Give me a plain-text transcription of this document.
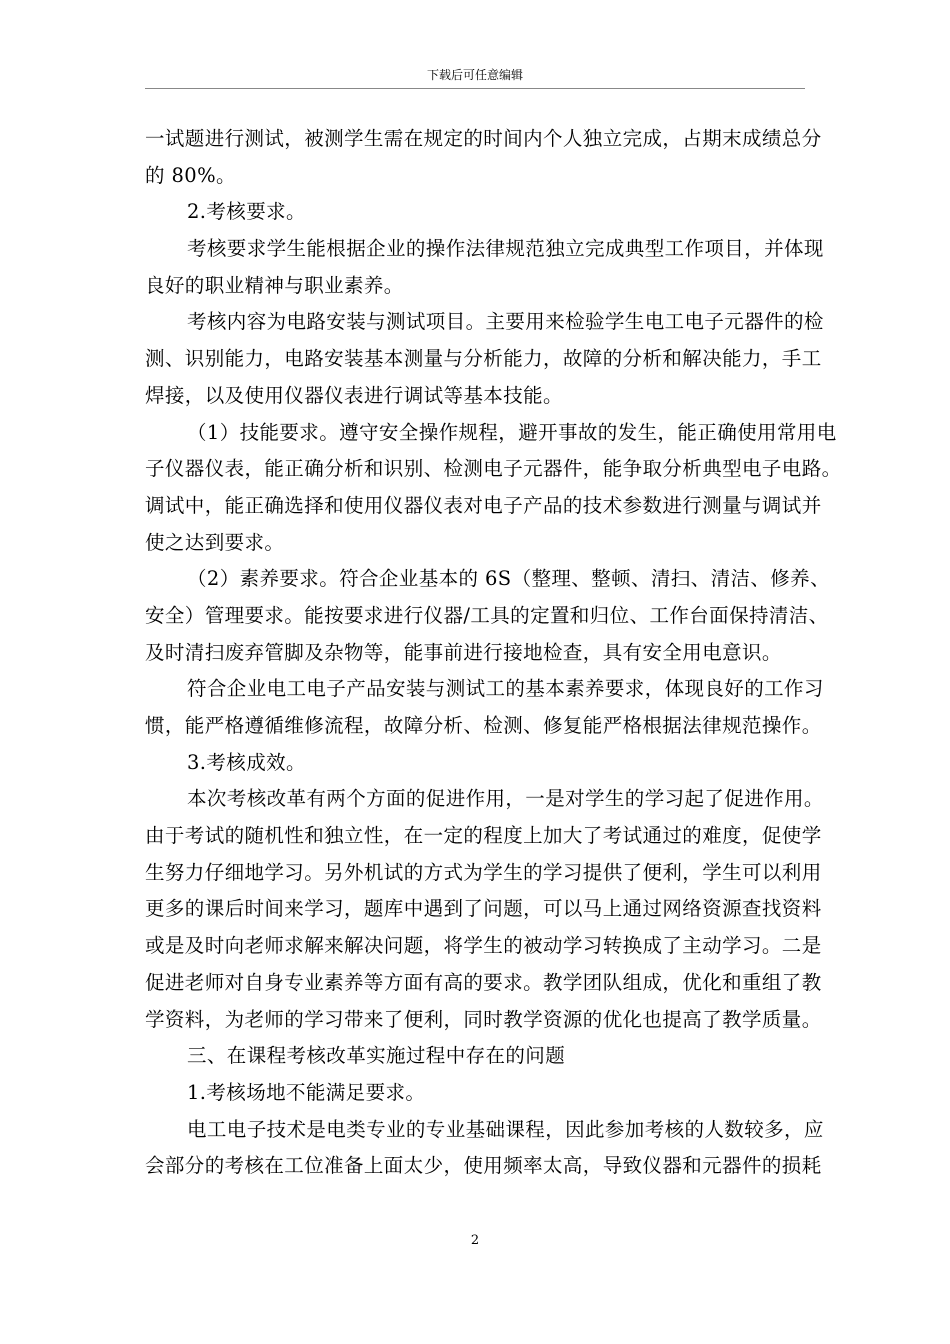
下载后可任意编辑
一试题进行测试，被测学生需在规定的时间内个人独立完成，占期末成绩总分
的 80%。
2.考核要求。
考核要求学生能根据企业的操作法律规范独立完成典型工作项目，并体现
良好的职业精神与职业素养。
考核内容为电路安装与测试项目。主要用来检验学生电工电子元器件的检
测、识别能力，电路安装基本测量与分析能力，故障的分析和解决能力，手工
焊接，以及使用仪器仪表进行调试等基本技能。
（1）技能要求。遵守安全操作规程，避开事故的发生，能正确使用常用电
子仪器仪表，能正确分析和识别、检测电子元器件，能争取分析典型电子电路。
调试中，能正确选择和使用仪器仪表对电子产品的技术参数进行测量与调试并
使之达到要求。
（2）素养要求。符合企业基本的 6S（整理、整顿、清扫、清洁、修养、
安全）管理要求。能按要求进行仪器/工具的定置和归位、工作台面保持清洁、
及时清扫废弃管脚及杂物等，能事前进行接地检查，具有安全用电意识。
符合企业电工电子产品安装与测试工的基本素养要求，体现良好的工作习
惯，能严格遵循维修流程，故障分析、检测、修复能严格根据法律规范操作。
3.考核成效。
本次考核改革有两个方面的促进作用，一是对学生的学习起了促进作用。
由于考试的随机性和独立性，在一定的程度上加大了考试通过的难度，促使学
生努力仔细地学习。另外机试的方式为学生的学习提供了便利，学生可以利用
更多的课后时间来学习，题库中遇到了问题，可以马上通过网络资源查找资料
或是及时向老师求解来解决问题，将学生的被动学习转换成了主动学习。二是
促进老师对自身专业素养等方面有高的要求。教学团队组成，优化和重组了教
学资料，为老师的学习带来了便利，同时教学资源的优化也提高了教学质量。
三、在课程考核改革实施过程中存在的问题
1.考核场地不能满足要求。
电工电子技术是电类专业的专业基础课程，因此参加考核的人数较多，应
会部分的考核在工位准备上面太少，使用频率太高，导致仪器和元器件的损耗
2
